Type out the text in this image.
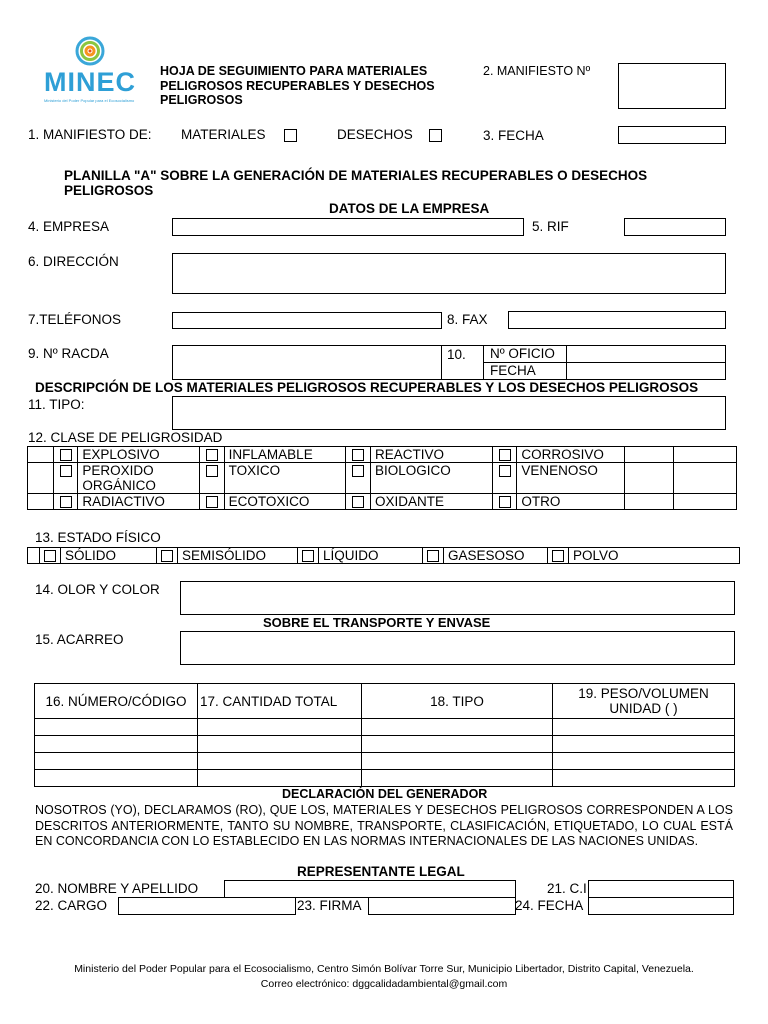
MINEC
Ministerio del Poder Popular para el Ecosocialismo
HOJA DE SEGUIMIENTO PARA MATERIALES PELIGROSOS RECUPERABLES Y DESECHOS PELIGROSOS
2. MANIFIESTO Nº
1. MANIFIESTO DE: MATERIALES	DESECHOS	3. FECHA
PLANILLA "A" SOBRE LA GENERACIÓN DE MATERIALES RECUPERABLES O DESECHOS PELIGROSOS
DATOS DE LA EMPRESA
4. EMPRESA	5. RIF
6. DIRECCIÓN
7.TELÉFONOS	8. FAX
9. Nº RACDA	10. Nº OFICIO
FECHA
DESCRIPCIÓN DE LOS MATERIALES PELIGROSOS RECUPERABLES Y LOS DESECHOS PELIGROSOS
11. TIPO:
12. CLASE DE PELIGROSIDAD
		EXPLOSIVO		INFLAMABLE		REACTIVO		CORROSIVO		
		PEROXIDO ORGÁNICO		TOXICO		BIOLOGICO		VENENOSO		
		RADIACTIVO		ECOTOXICO		OXIDANTE		OTRO		
13. ESTADO FÍSICO
		SÓLIDO		SEMISÓLIDO		LÍQUIDO		GASESOSO		POLVO
14. OLOR Y COLOR
SOBRE EL TRANSPORTE Y ENVASE
15. ACARREO
16. NÚMERO/CÓDIGO	17. CANTIDAD TOTAL	18. TIPO	19. PESO/VOLUMEN
UNIDAD ( )

DECLARACIÓN DEL GENERADOR
NOSOTROS (YO), DECLARAMOS (RO), QUE LOS, MATERIALES Y DESECHOS PELIGROSOS CORRESPONDEN A LOS DESCRITOS ANTERIORMENTE, TANTO SU NOMBRE, TRANSPORTE, CLASIFICACIÓN, ETIQUETADO, LO CUAL ESTÁ EN CONCORDANCIA CON LO ESTABLECIDO EN LAS NORMAS INTERNACIONALES DE LAS NACIONES UNIDAS.
REPRESENTANTE LEGAL
20. NOMBRE Y APELLIDO	21. C.I
22. CARGO	23. FIRMA	24. FECHA
Ministerio del Poder Popular para el Ecosocialismo, Centro Simón Bolívar Torre Sur, Municipio Libertador, Distrito Capital, Venezuela.
Correo electrónico: dggcalidadambiental@gmail.com
